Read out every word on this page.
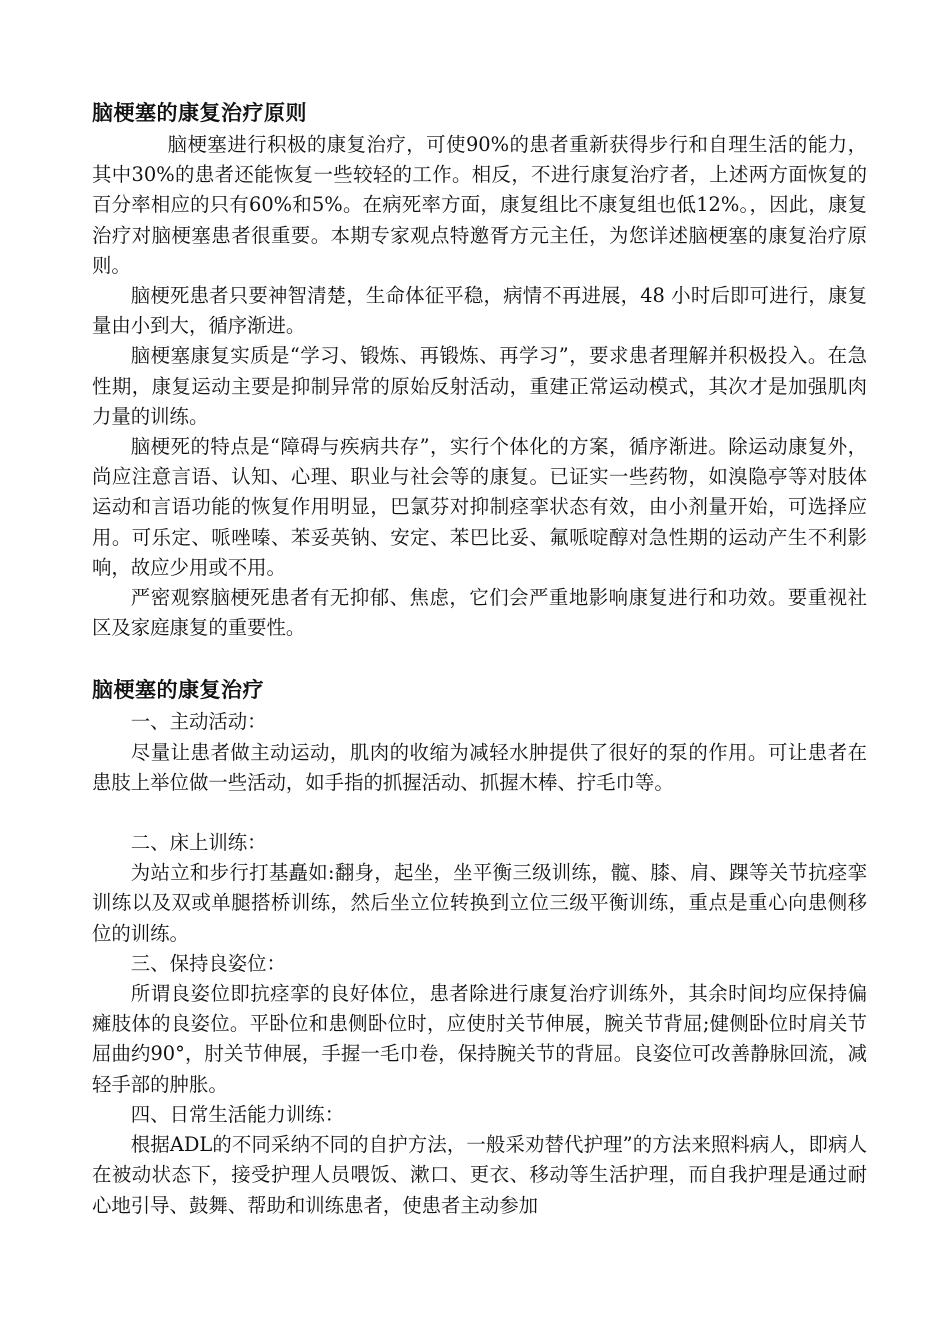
脑梗塞的康复治疗原则

脑梗塞进行积极的康复治疗，可使90%的患者重新获得步行和自理生活的能力，其中30%的患者还能恢复一些较轻的工作。相反，不进行康复治疗者，上述两方面恢复的百分率相应的只有60%和5%。在病死率方面，康复组比不康复组也低12%。，因此，康复治疗对脑梗塞患者很重要。本期专家观点特邀胥方元主任，为您详述脑梗塞的康复治疗原则。

脑梗死患者只要神智清楚，生命体征平稳，病情不再进展，48 小时后即可进行，康复量由小到大，循序渐进。

脑梗塞康复实质是“学习、锻炼、再锻炼、再学习”，要求患者理解并积极投入。在急性期，康复运动主要是抑制异常的原始反射活动，重建正常运动模式，其次才是加强肌肉力量的训练。

脑梗死的特点是“障碍与疾病共存”，实行个体化的方案，循序渐进。除运动康复外，尚应注意言语、认知、心理、职业与社会等的康复。已证实一些药物，如溴隐亭等对肢体运动和言语功能的恢复作用明显，巴氯芬对抑制痉挛状态有效，由小剂量开始，可选择应用。可乐定、哌唑嗪、苯妥英钠、安定、苯巴比妥、氟哌啶醇对急性期的运动产生不利影响，故应少用或不用。

严密观察脑梗死患者有无抑郁、焦虑，它们会严重地影响康复进行和功效。要重视社区及家庭康复的重要性。

脑梗塞的康复治疗
一、主动活动：

尽量让患者做主动运动，肌肉的收缩为减轻水肿提供了很好的泵的作用。可让患者在患肢上举位做一些活动，如手指的抓握活动、抓握木棒、拧毛巾等。

二、床上训练：

为站立和步行打基矗如:翻身，起坐，坐平衡三级训练，髋、膝、肩、踝等关节抗痉挛训练以及双或单腿搭桥训练，然后坐立位转换到立位三级平衡训练，重点是重心向患侧移位的训练。

三、保持良姿位：

所谓良姿位即抗痉挛的良好体位，患者除进行康复治疗训练外，其余时间均应保持偏瘫肢体的良姿位。平卧位和患侧卧位时，应使肘关节伸展，腕关节背屈;健侧卧位时肩关节屈曲约90°，肘关节伸展，手握一毛巾卷，保持腕关节的背屈。良姿位可改善静脉回流，减轻手部的肿胀。

四、日常生活能力训练：

根据ADL的不同采纳不同的自护方法，一般采劝替代护理”的方法来照料病人，即病人在被动状态下，接受护理人员喂饭、漱口、更衣、移动等生活护理，而自我护理是通过耐心地引导、鼓舞、帮助和训练患者，使患者主动参加
